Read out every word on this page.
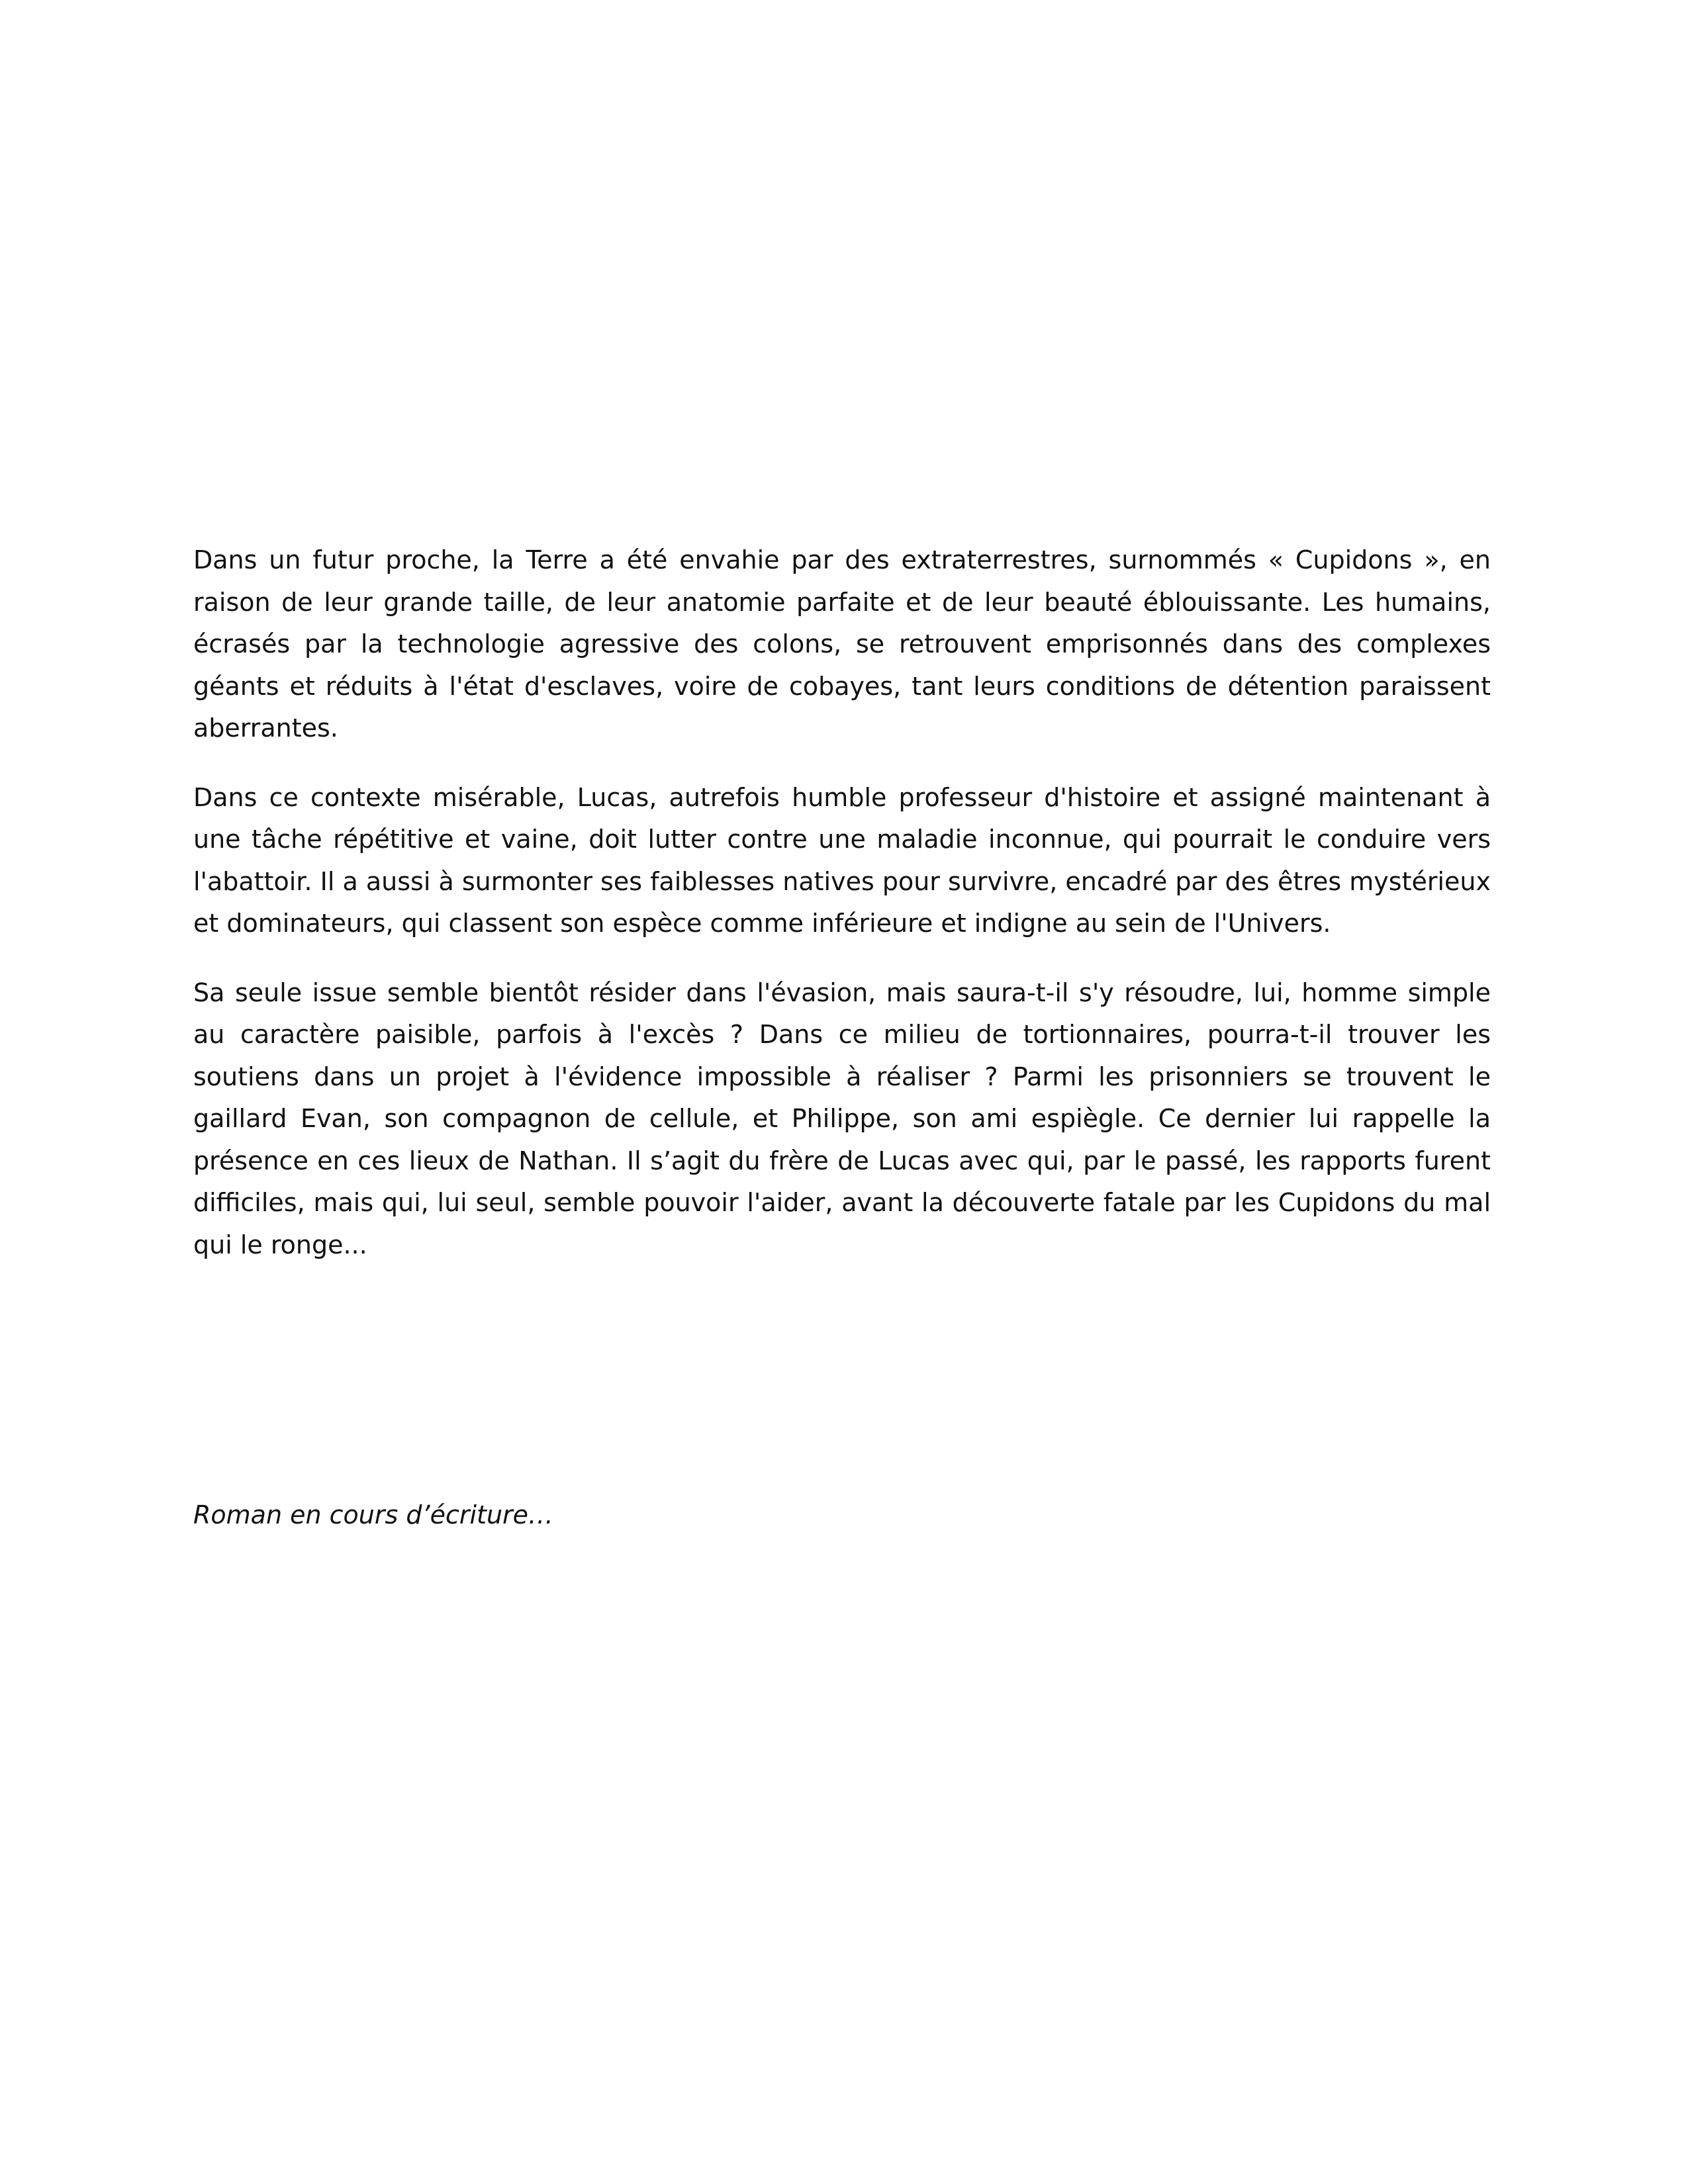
Dans un futur proche, la Terre a été envahie par des extraterrestres, surnommés « Cupidons », en raison de leur grande taille, de leur anatomie parfaite et de leur beauté éblouissante. Les humains, écrasés par la technologie agressive des colons, se retrouvent emprisonnés dans des complexes géants et réduits à l'état d'esclaves, voire de cobayes, tant leurs conditions de détention paraissent aberrantes.

Dans ce contexte misérable, Lucas, autrefois humble professeur d'histoire et assigné maintenant à une tâche répétitive et vaine, doit lutter contre une maladie inconnue, qui pourrait le conduire vers l'abattoir. Il a aussi à surmonter ses faiblesses natives pour survivre, encadré par des êtres mystérieux et dominateurs, qui classent son espèce comme inférieure et indigne au sein de l'Univers.

Sa seule issue semble bientôt résider dans l'évasion, mais saura-t-il s'y résoudre, lui, homme simple au caractère paisible, parfois à l'excès ? Dans ce milieu de tortionnaires, pourra-t-il trouver les soutiens dans un projet à l'évidence impossible à réaliser ? Parmi les prisonniers se trouvent le gaillard Evan, son compagnon de cellule, et Philippe, son ami espiègle. Ce dernier lui rappelle la présence en ces lieux de Nathan. Il s’agit du frère de Lucas avec qui, par le passé, les rapports furent difficiles, mais qui, lui seul, semble pouvoir l'aider, avant la découverte fatale par les Cupidons du mal qui le ronge...

Roman en cours d’écriture…
